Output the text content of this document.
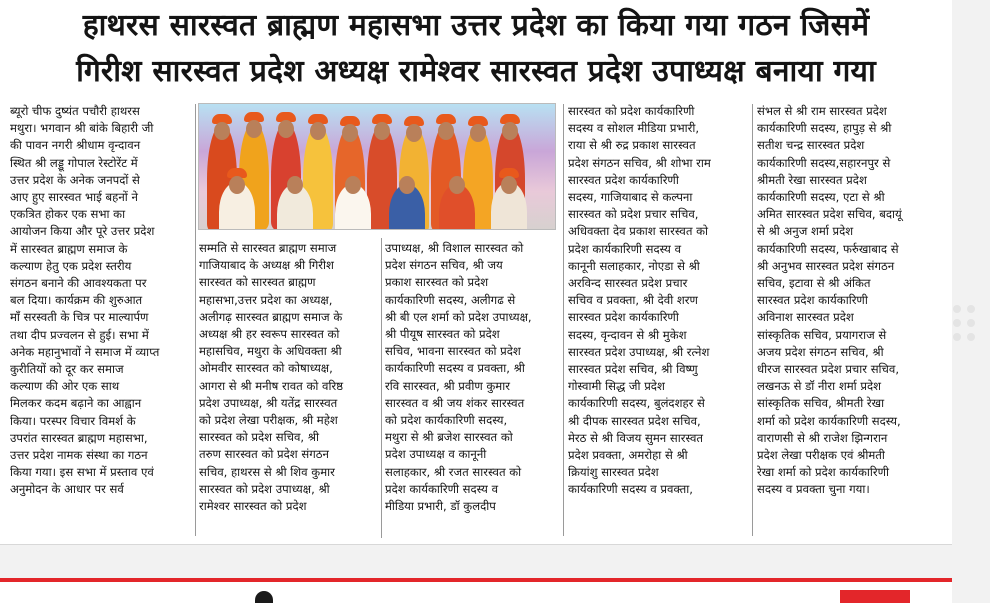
हाथरस सारस्वत ब्राह्मण महासभा उत्तर प्रदेश का किया गया गठन जिसमें
गिरीश सारस्वत प्रदेश अध्यक्ष रामेश्वर सारस्वत प्रदेश उपाध्यक्ष बनाया गया
ब्यूरो चीफ दुष्यंत पचौरी हाथरस
मथुरा। भगवान श्री बांके बिहारी जी
की पावन नगरी श्रीधाम वृन्दावन
स्थित श्री लड्डू गोपाल रेस्टोरेंट में
उत्तर प्रदेश के अनेक जनपदों से
आए हुए सारस्वत भाई बहनों ने
एकत्रित होकर एक सभा का
आयोजन किया और पूरे उत्तर प्रदेश
में सारस्वत ब्राह्मण समाज के
कल्याण हेतु एक प्रदेश स्तरीय
संगठन बनाने की आवश्यकता पर
बल दिया। कार्यक्रम की शुरुआत
माँ सरस्वती के चित्र पर माल्यार्पण
तथा दीप प्रज्वलन से हुई। सभा में
अनेक महानुभावों ने समाज में व्याप्त
कुरीतियों को दूर कर समाज
कल्याण की ओर एक साथ
मिलकर कदम बढ़ाने का आह्वान
किया। परस्पर विचार विमर्श के
उपरांत सारस्वत ब्राह्मण महासभा,
उत्तर प्रदेश नामक संस्था का गठन
किया गया। इस सभा में प्रस्ताव एवं
अनुमोदन के आधार पर सर्व
सम्मति से सारस्वत ब्राह्मण समाज
गाजियाबाद के अध्यक्ष श्री गिरीश
सारस्वत को सारस्वत ब्राह्मण
महासभा,उत्तर प्रदेश का अध्यक्ष,
अलीगढ़ सारस्वत ब्राह्मण समाज के
अध्यक्ष श्री हर स्वरूप सारस्वत को
महासचिव, मथुरा के अधिवक्ता श्री
ओमवीर सारस्वत को कोषाध्यक्ष,
आगरा से श्री मनीष रावत को वरिष्ठ
प्रदेश उपाध्यक्ष, श्री यतेंद्र सारस्वत
को प्रदेश लेखा परीक्षक, श्री महेश
सारस्वत को प्रदेश सचिव, श्री
तरुण सारस्वत को प्रदेश संगठन
सचिव, हाथरस से श्री शिव कुमार
सारस्वत को प्रदेश उपाध्यक्ष, श्री
रामेश्वर सारस्वत को प्रदेश
उपाध्यक्ष, श्री विशाल सारस्वत को
प्रदेश संगठन सचिव, श्री जय
प्रकाश सारस्वत को प्रदेश
कार्यकारिणी सदस्य, अलीगढ से
श्री बी एल शर्मा को प्रदेश उपाध्यक्ष,
श्री पीयूष सारस्वत को प्रदेश
सचिव, भावना सारस्वत को प्रदेश
कार्यकारिणी सदस्य व प्रवक्ता, श्री
रवि सारस्वत, श्री प्रवीण कुमार
सारस्वत व श्री जय शंकर सारस्वत
को प्रदेश कार्यकारिणी सदस्य,
मथुरा से श्री ब्रजेश सारस्वत को
प्रदेश उपाध्यक्ष व कानूनी
सलाहकार, श्री रजत सारस्वत को
प्रदेश कार्यकारिणी सदस्य व
मीडिया प्रभारी, डॉ कुलदीप
सारस्वत को प्रदेश कार्यकारिणी
सदस्य व सोशल मीडिया प्रभारी,
राया से श्री रुद्र प्रकाश सारस्वत
प्रदेश संगठन सचिव, श्री शोभा राम
सारस्वत प्रदेश कार्यकारिणी
सदस्य, गाजियाबाद से कल्पना
सारस्वत को प्रदेश प्रचार सचिव,
अधिवक्ता देव प्रकाश सारस्वत को
प्रदेश कार्यकारिणी सदस्य व
कानूनी सलाहकार, नोएडा से श्री
अरविन्द सारस्वत प्रदेश प्रचार
सचिव व प्रवक्ता, श्री देवी शरण
सारस्वत प्रदेश कार्यकारिणी
सदस्य, वृन्दावन से श्री मुकेश
सारस्वत प्रदेश उपाध्यक्ष, श्री रत्नेश
सारस्वत प्रदेश सचिव, श्री विष्णु
गोस्वामी सिद्ध जी प्रदेश
कार्यकारिणी सदस्य, बुलंदशहर से
श्री दीपक सारस्वत प्रदेश सचिव,
मेरठ से श्री विजय सुमन सारस्वत
प्रदेश प्रवक्ता, अमरोहा से श्री
क्रियांशु सारस्वत प्रदेश
कार्यकारिणी सदस्य व प्रवक्ता,
संभल से श्री राम सारस्वत प्रदेश
कार्यकारिणी सदस्य, हापुड़ से श्री
सतीश चन्द्र सारस्वत प्रदेश
कार्यकारिणी सदस्य,सहारनपुर से
श्रीमती रेखा सारस्वत प्रदेश
कार्यकारिणी सदस्य, एटा से श्री
अमित सारस्वत प्रदेश सचिव, बदायूं
से श्री अनुज शर्मा प्रदेश
कार्यकारिणी सदस्य, फर्रुखाबाद से
श्री अनुभव सारस्वत प्रदेश संगठन
सचिव, इटावा से श्री अंकित
सारस्वत प्रदेश कार्यकारिणी
अविनाश सारस्वत प्रदेश
सांस्कृतिक सचिव, प्रयागराज से
अजय प्रदेश संगठन सचिव, श्री
धीरज सारस्वत प्रदेश प्रचार सचिव,
लखनऊ से डॉ नीरा शर्मा प्रदेश
सांस्कृतिक सचिव, श्रीमती रेखा
शर्मा को प्रदेश कार्यकारिणी सदस्य,
वाराणसी से श्री राजेश झिन्गरान
प्रदेश लेखा परीक्षक एवं श्रीमती
रेखा शर्मा को प्रदेश कार्यकारिणी
सदस्य व प्रवक्ता चुना गया।
